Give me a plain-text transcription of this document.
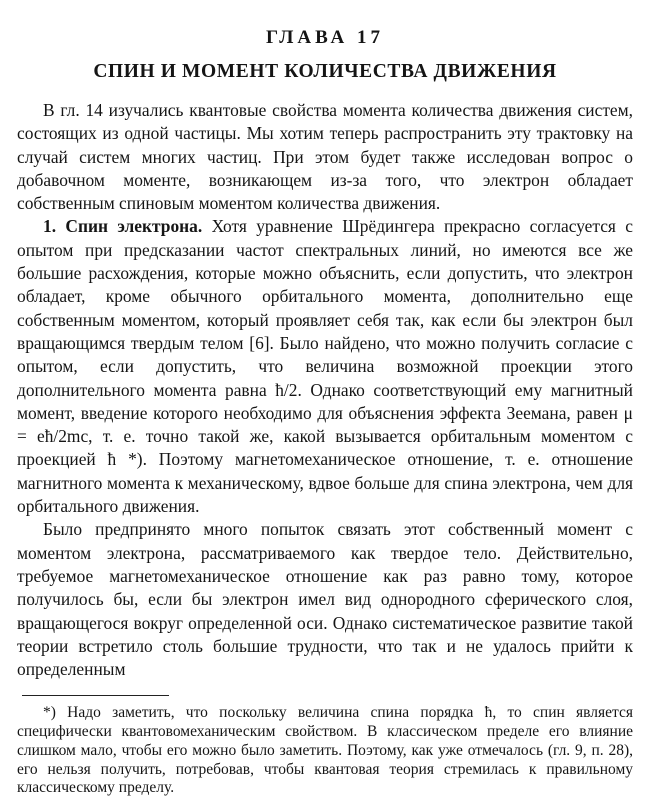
ГЛАВА 17
СПИН И МОМЕНТ КОЛИЧЕСТВА ДВИЖЕНИЯ

В гл. 14 изучались квантовые свойства момента количества движения систем, состоящих из одной частицы. Мы хотим теперь распространить эту трактовку на случай систем многих частиц. При этом будет также исследован вопрос о добавочном моменте, возникающем из-за того, что электрон обладает собственным спиновым моментом количества движения.

1. Спин электрона. Хотя уравнение Шрёдингера прекрасно согласуется с опытом при предсказании частот спектральных линий, но имеются все же большие расхождения, которые можно объяснить, если допустить, что электрон обладает, кроме обычного орбитального момента, дополнительно еще собственным моментом, который проявляет себя так, как если бы электрон был вращающимся твердым телом [6]. Было найдено, что можно получить согласие с опытом, если допустить, что величина возможной проекции этого дополнительного момента равна ħ/2. Однако соответствующий ему магнитный момент, введение которого необходимо для объяснения эффекта Зеемана, равен μ = eħ/2mc, т. е. точно такой же, какой вызывается орбитальным моментом с проекцией ħ *). Поэтому магнетомеханическое отношение, т. е. отношение магнитного момента к механическому, вдвое больше для спина электрона, чем для орбитального движения.

Было предпринято много попыток связать этот собственный момент с моментом электрона, рассматриваемого как твердое тело. Действительно, требуемое магнетомеханическое отношение как раз равно тому, которое получилось бы, если бы электрон имел вид однородного сферического слоя, вращающегося вокруг определенной оси. Однако систематическое развитие такой теории встретило столь большие трудности, что так и не удалось прийти к определенным

*) Надо заметить, что поскольку величина спина порядка ħ, то спин является специфически квантовомеханическим свойством. В классическом пределе его влияние слишком мало, чтобы его можно было заметить. Поэтому, как уже отмечалось (гл. 9, п. 28), его нельзя получить, потребовав, чтобы квантовая теория стремилась к правильному классическому пределу.
